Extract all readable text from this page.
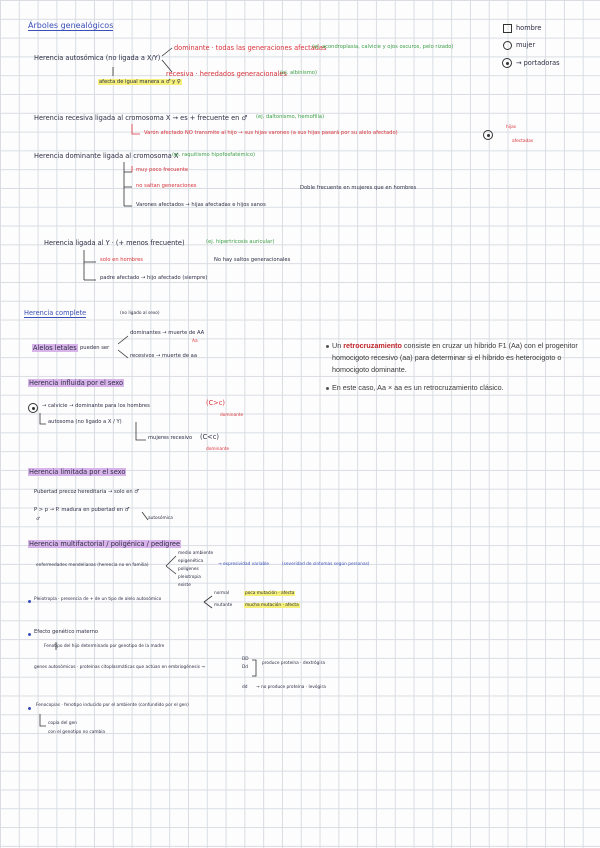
Árboles genealógicos	hombre
mujer
→ portadoras
Herencia autosómica (no ligada a X/Y)
dominante · todas las generaciones afectadas
(ej. acondroplasia, calvicie y ojos oscuros, pelo rizado)
recesiva · heredados generacionales
(ej. albinismo)
afecta de igual manera a ♂ y ♀
Herencia recesiva ligada al cromosoma X → es + frecuente en ♂ (ej. daltonismo, hemofilia)
Varón afectado NO transmite al hijo → sus hijas varones (a sus hijas pasará por su alelo afectado)
hijas
afectadas
Herencia dominante ligada al cromosoma X
(ej. raquitismo hipofosfatémico)
muy poco frecuente
no saltan generaciones
Varones afectados → hijas afectadas e hijos sanos
Doble frecuente en mujeres que en hombres
Herencia ligada al Y · (+ menos frecuente)	(ej. hipertricosis auricular)
solo en hombres
padre afectado → hijo afectado (siempre)
No hay saltos generacionales
Herencia complete	(no ligado al sexo)
Alelos letales pueden ser
dominantes → muerte de AA
Aa
recesivos → muerte de aa
Herencia influida por el sexo
→ calvicie → dominante para los hombres	(C>c)
dominante
autosoma (no ligado a X / Y)
mujeres recesivo (C<c)
dominante
Herencia limitada por el sexo
Pubertad precoz hereditaria → solo en ♂
P > p → P. madura en pubertad en ♂
♂	autosómica
Herencia multifactorial / poligénica / pedigree
enfermedades mendelianas (herencia no en familia)
medio ambiente
epigenética
poligenes
pleiotropia
existe
→ expresividad variable	(severidad de síntomas según personas)
Pleiotropía · presencia de + de un tipo de alelo autosómico
normal
mutante
poca mutación · afecta
mucha mutación · afecta
Efecto genético materno
Fenotipo del hijo determinado por genotipo de la madre
genes autosómicos · proteínas citoplasmáticas que actúan en embriogénesis →
DD
Dd
produce proteína · dextrógira
dd → no produce proteína · levógira
Fenocopias · fenotipo inducido por el ambiente (confundido por el gen)
copia del gen
con el genotipo no cambia
Un retrocruzamiento consiste en cruzar un híbrido F1 (Aa) con el progenitor homocigoto recesivo (aa) para determinar si el híbrido es heterocigoto o homocigoto dominante.
En este caso, Aa × aa es un retrocruzamiento clásico.
